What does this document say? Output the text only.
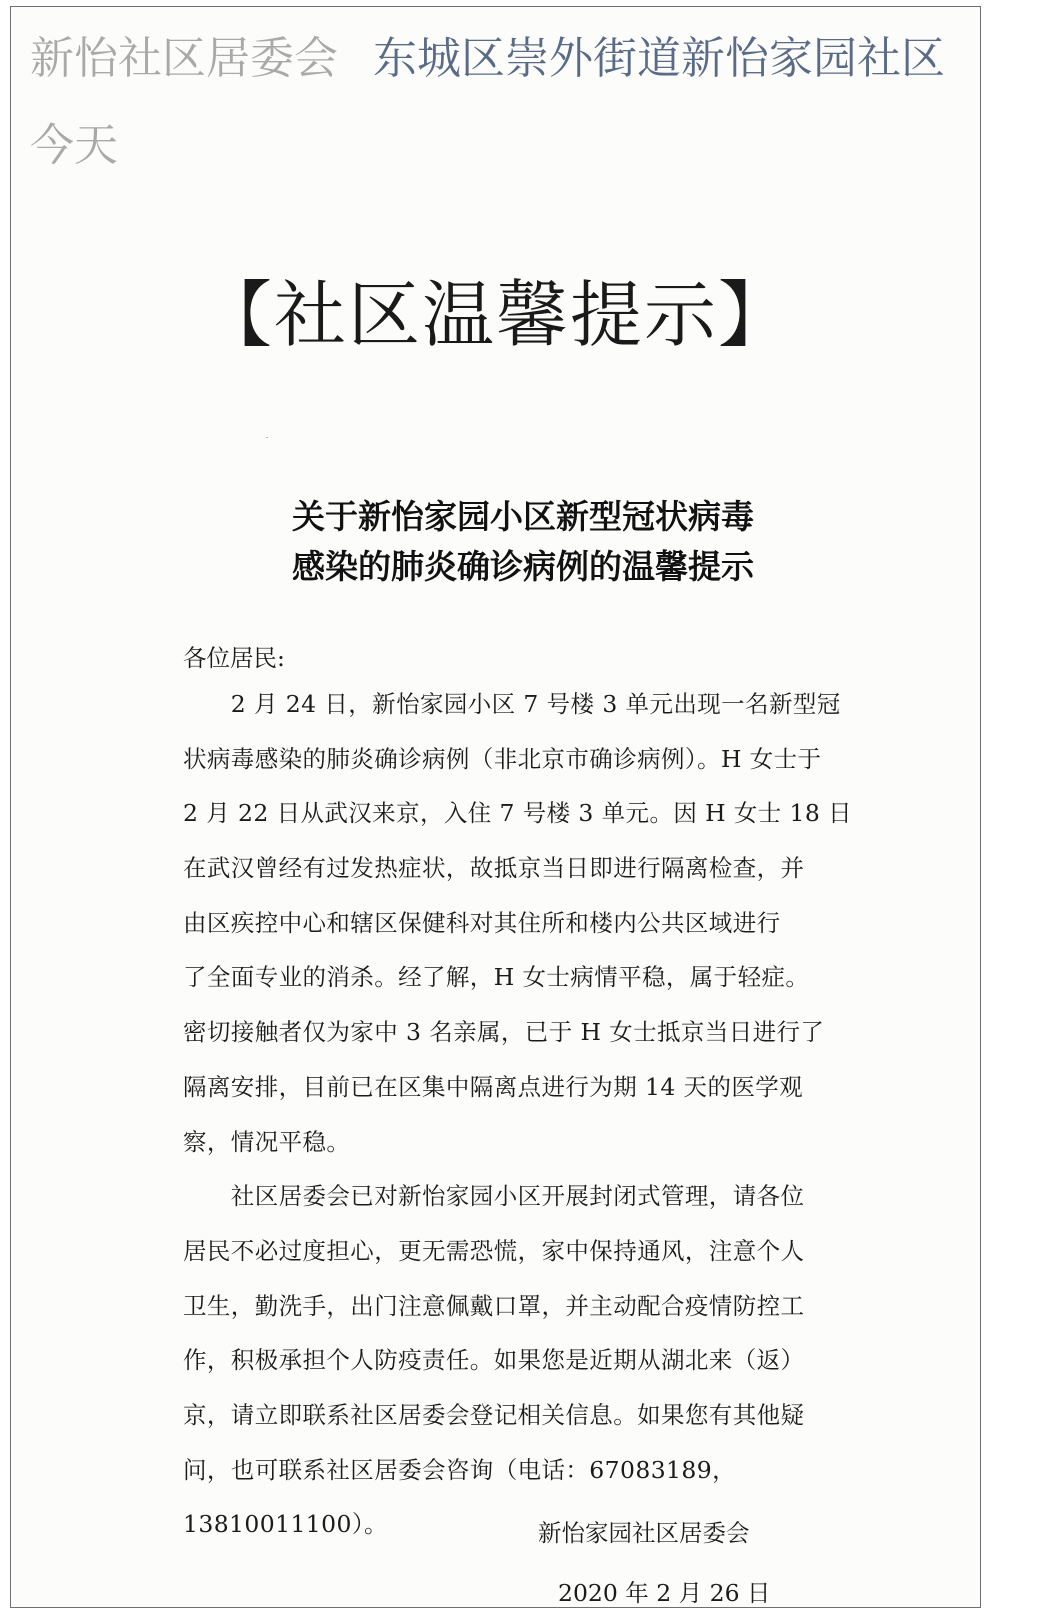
新怡社区居委会 东城区崇外街道新怡家园社区
今天
【社区温馨提示】
关于新怡家园小区新型冠状病毒
感染的肺炎确诊病例的温馨提示
各位居民:
　　2 月 24 日，新怡家园小区 7 号楼 3 单元出现一名新型冠
状病毒感染的肺炎确诊病例（非北京市确诊病例）。H 女士于
2 月 22 日从武汉来京，入住 7 号楼 3 单元。因 H 女士 18 日
在武汉曾经有过发热症状，故抵京当日即进行隔离检查，并
由区疾控中心和辖区保健科对其住所和楼内公共区域进行
了全面专业的消杀。经了解，H 女士病情平稳，属于轻症。
密切接触者仅为家中 3 名亲属，已于 H 女士抵京当日进行了
隔离安排，目前已在区集中隔离点进行为期 14 天的医学观
察，情况平稳。
　　社区居委会已对新怡家园小区开展封闭式管理，请各位
居民不必过度担心，更无需恐慌，家中保持通风，注意个人
卫生，勤洗手，出门注意佩戴口罩，并主动配合疫情防控工
作，积极承担个人防疫责任。如果您是近期从湖北来（返）
京，请立即联系社区居委会登记相关信息。如果您有其他疑
问，也可联系社区居委会咨询（电话：67083189，
13810011100）。	新怡家园社区居委会
2020 年 2 月 26 日
